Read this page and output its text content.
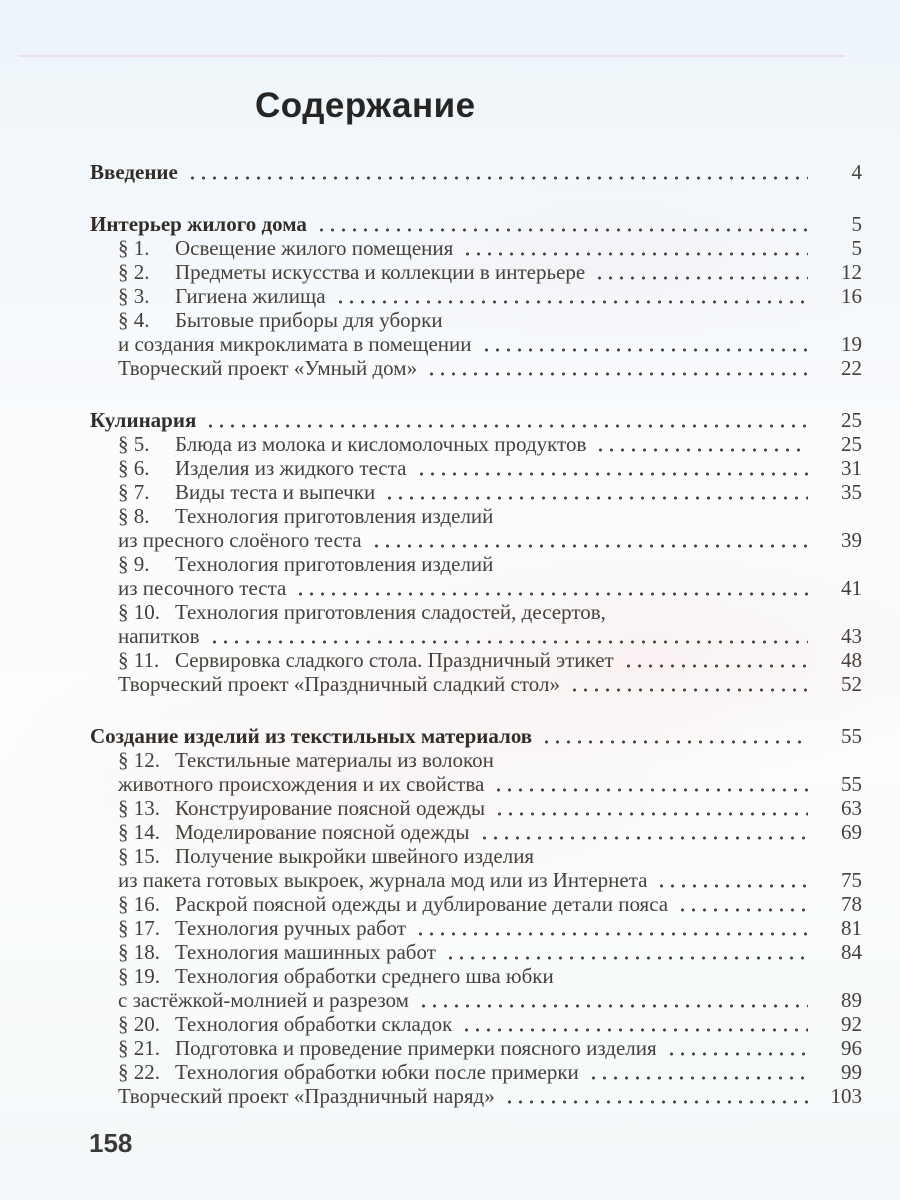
Содержание
Введение	4
Интерьер жилого дома	5
§ 1.	Освещение жилого помещения	5
§ 2.	Предметы искусства и коллекции в интерьере	12
§ 3.	Гигиена жилища	16
§ 4.	Бытовые приборы для уборки
и создания микроклимата в помещении	19
Творческий проект «Умный дом»	22
Кулинария	25
§ 5.	Блюда из молока и кисломолочных продуктов	25
§ 6.	Изделия из жидкого теста	31
§ 7.	Виды теста и выпечки	35
§ 8.	Технология приготовления изделий
из пресного слоёного теста	39
§ 9.	Технология приготовления изделий
из песочного теста	41
§ 10. Технология приготовления сладостей, десертов,
напитков	43
§ 11. Сервировка сладкого стола. Праздничный этикет	48
Творческий проект «Праздничный сладкий стол»	52
Создание изделий из текстильных материалов	55
§ 12. Текстильные материалы из волокон
животного происхождения и их свойства	55
§ 13. Конструирование поясной одежды	63
§ 14. Моделирование поясной одежды	69
§ 15. Получение выкройки швейного изделия
из пакета готовых выкроек, журнала мод или из Интернета	75
§ 16. Раскрой поясной одежды и дублирование детали пояса	78
§ 17. Технология ручных работ	81
§ 18. Технология машинных работ	84
§ 19. Технология обработки среднего шва юбки
с застёжкой-молнией и разрезом	89
§ 20. Технология обработки складок	92
§ 21. Подготовка и проведение примерки поясного изделия	96
§ 22. Технология обработки юбки после примерки	99
Творческий проект «Праздничный наряд»	103
158
